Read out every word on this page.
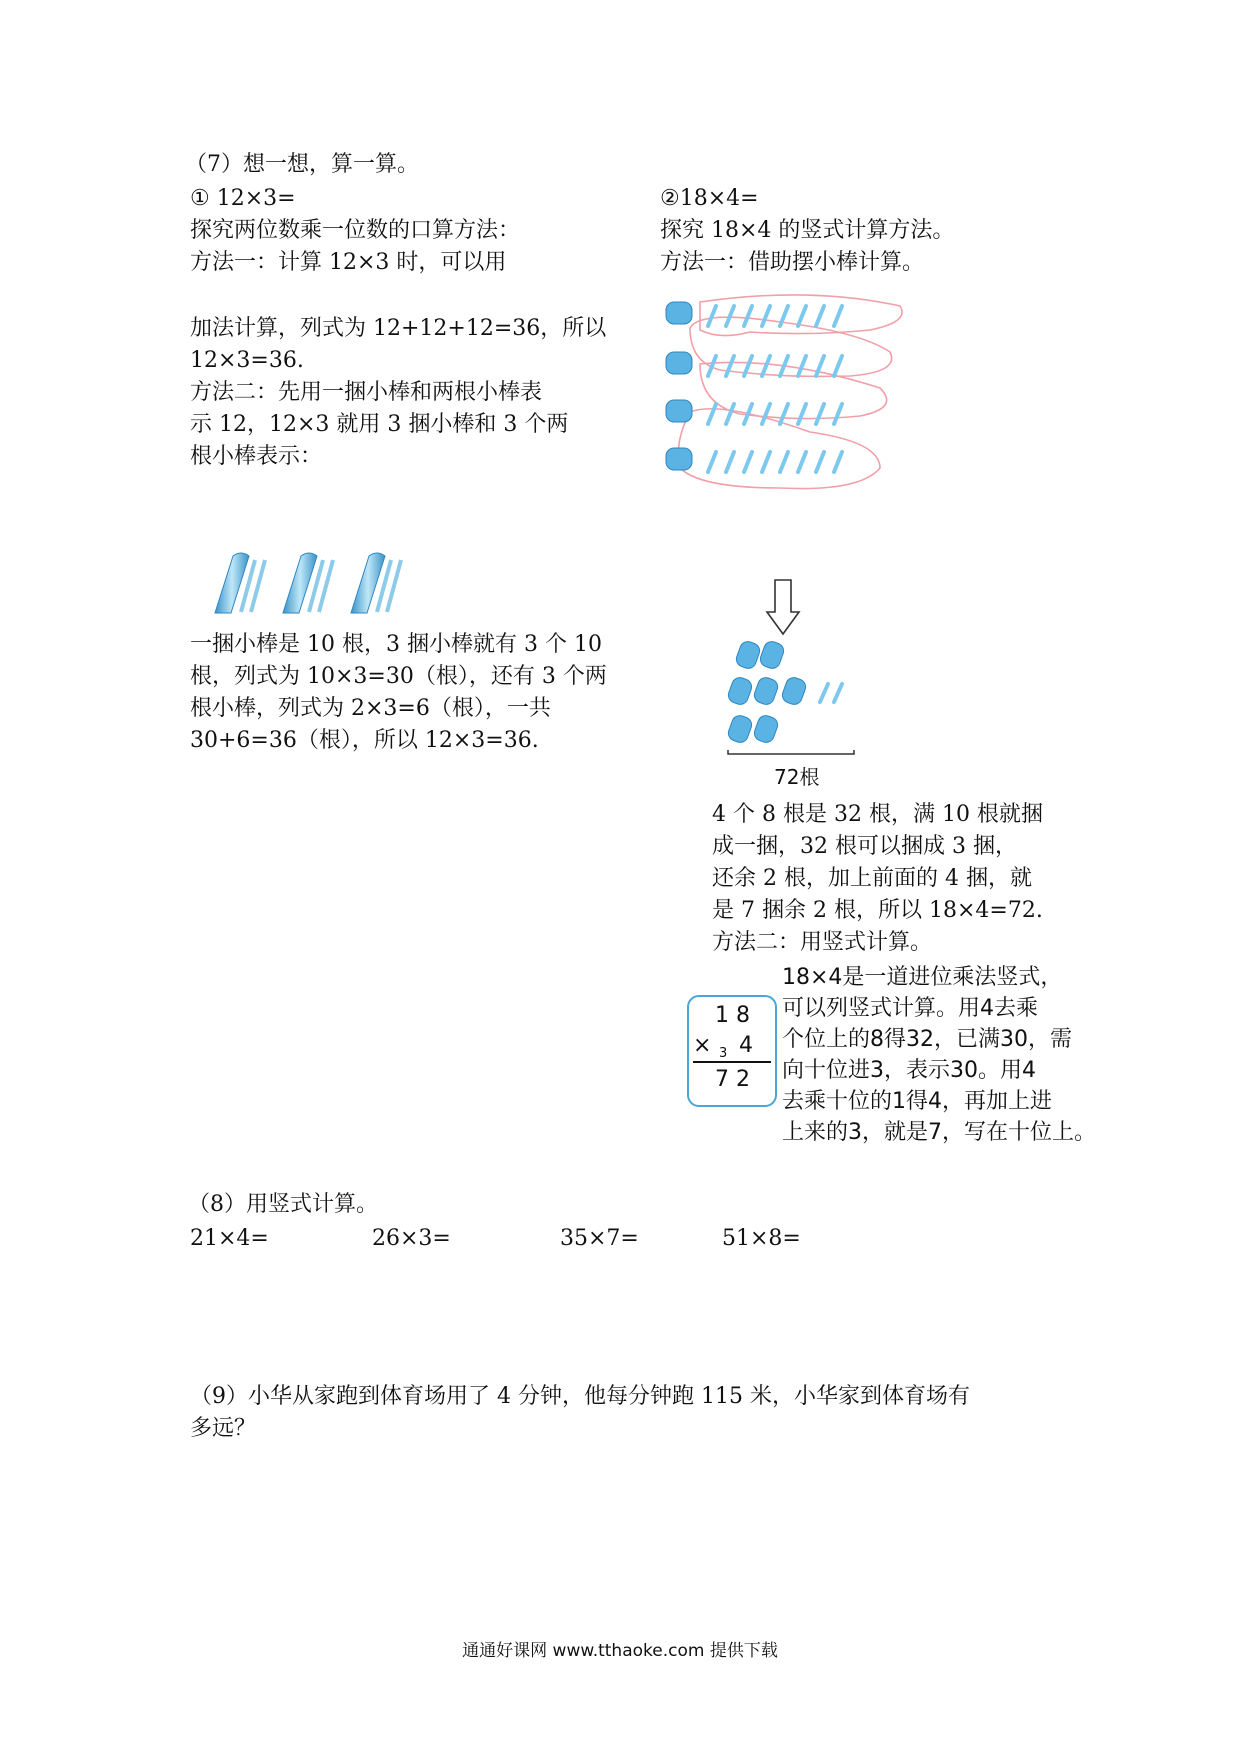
（7）想一想，算一算。
① 12×3=
探究两位数乘一位数的口算方法：
方法一：计算 12×3 时，可以用
加法计算，列式为 12+12+12=36，所以
12×3=36.
方法二：先用一捆小棒和两根小棒表
示 12，12×3 就用 3 捆小棒和 3 个两
根小棒表示：
一捆小棒是 10 根，3 捆小棒就有 3 个 10
根，列式为 10×3=30（根），还有 3 个两
根小棒，列式为 2×3=6（根），一共
30+6=36（根），所以 12×3=36.
②18×4=
探究 18×4 的竖式计算方法。
方法一：借助摆小棒计算。
72根
4 个 8 根是 32 根，满 10 根就捆
成一捆，32 根可以捆成 3 捆，
还余 2 根，加上前面的 4 捆，就
是 7 捆余 2 根，所以 18×4=72.
方法二：用竖式计算。
1 8
× 3 4
7 2
18×4是一道进位乘法竖式，
可以列竖式计算。用4去乘
个位上的8得32，已满30，需
向十位进3，表示30。用4
去乘十位的1得4，再加上进
上来的3，就是7，写在十位上。
（8）用竖式计算。
21×4=	26×3=	35×7=	51×8=
（9）小华从家跑到体育场用了 4 分钟，他每分钟跑 115 米，小华家到体育场有
多远？
通通好课网 www.tthaoke.com 提供下载
